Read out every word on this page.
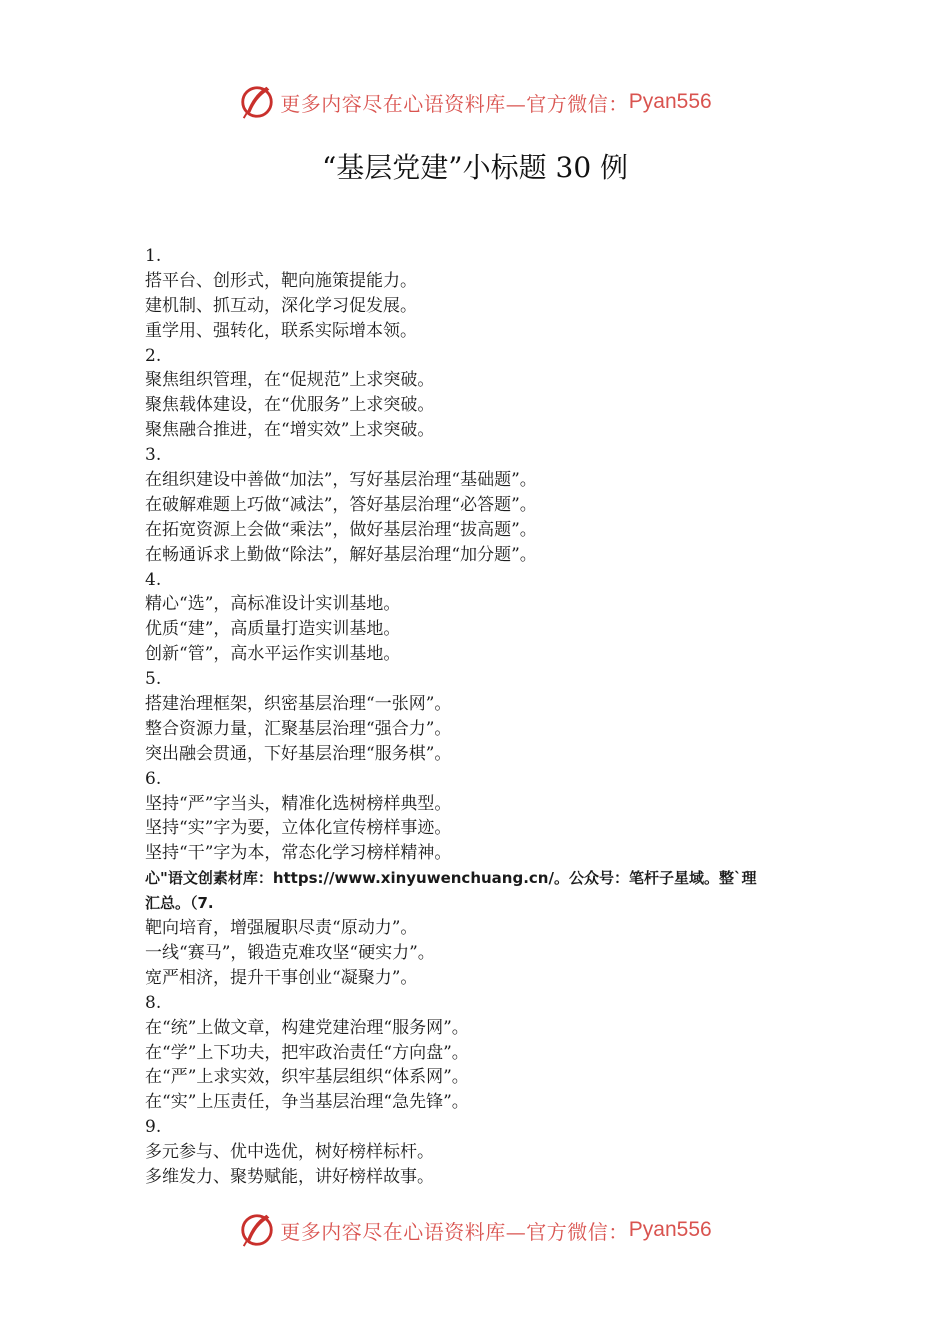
更多内容尽在心语资料库—官方微信： Pyan556
“基层党建”小标题 30 例
1.
搭平台、创形式，靶向施策提能力。
建机制、抓互动，深化学习促发展。
重学用、强转化，联系实际增本领。
2.
聚焦组织管理，在“促规范”上求突破。
聚焦载体建设，在“优服务”上求突破。
聚焦融合推进，在“增实效”上求突破。
3.
在组织建设中善做“加法”，写好基层治理“基础题”。
在破解难题上巧做“减法”，答好基层治理“必答题”。
在拓宽资源上会做“乘法”，做好基层治理“拔高题”。
在畅通诉求上勤做“除法”，解好基层治理“加分题”。
4.
精心“选”，高标准设计实训基地。
优质“建”，高质量打造实训基地。
创新“管”，高水平运作实训基地。
5.
搭建治理框架，织密基层治理“一张网”。
整合资源力量，汇聚基层治理“强合力”。
突出融会贯通，下好基层治理“服务棋”。
6.
坚持“严”字当头，精准化选树榜样典型。
坚持“实”字为要，立体化宣传榜样事迹。
坚持“干”字为本，常态化学习榜样精神。
心"语文创素材库：https://www.xinyuwenchuang.cn/。公众号：笔杆子星域。整`理
汇总。（7.
靶向培育，增强履职尽责“原动力”。
一线“赛马”，锻造克难攻坚“硬实力”。
宽严相济，提升干事创业“凝聚力”。
8.
在“统”上做文章，构建党建治理“服务网”。
在“学”上下功夫，把牢政治责任“方向盘”。
在“严”上求实效，织牢基层组织“体系网”。
在“实”上压责任，争当基层治理“急先锋”。
9.
多元参与、优中选优，树好榜样标杆。
多维发力、聚势赋能，讲好榜样故事。
更多内容尽在心语资料库—官方微信： Pyan556
